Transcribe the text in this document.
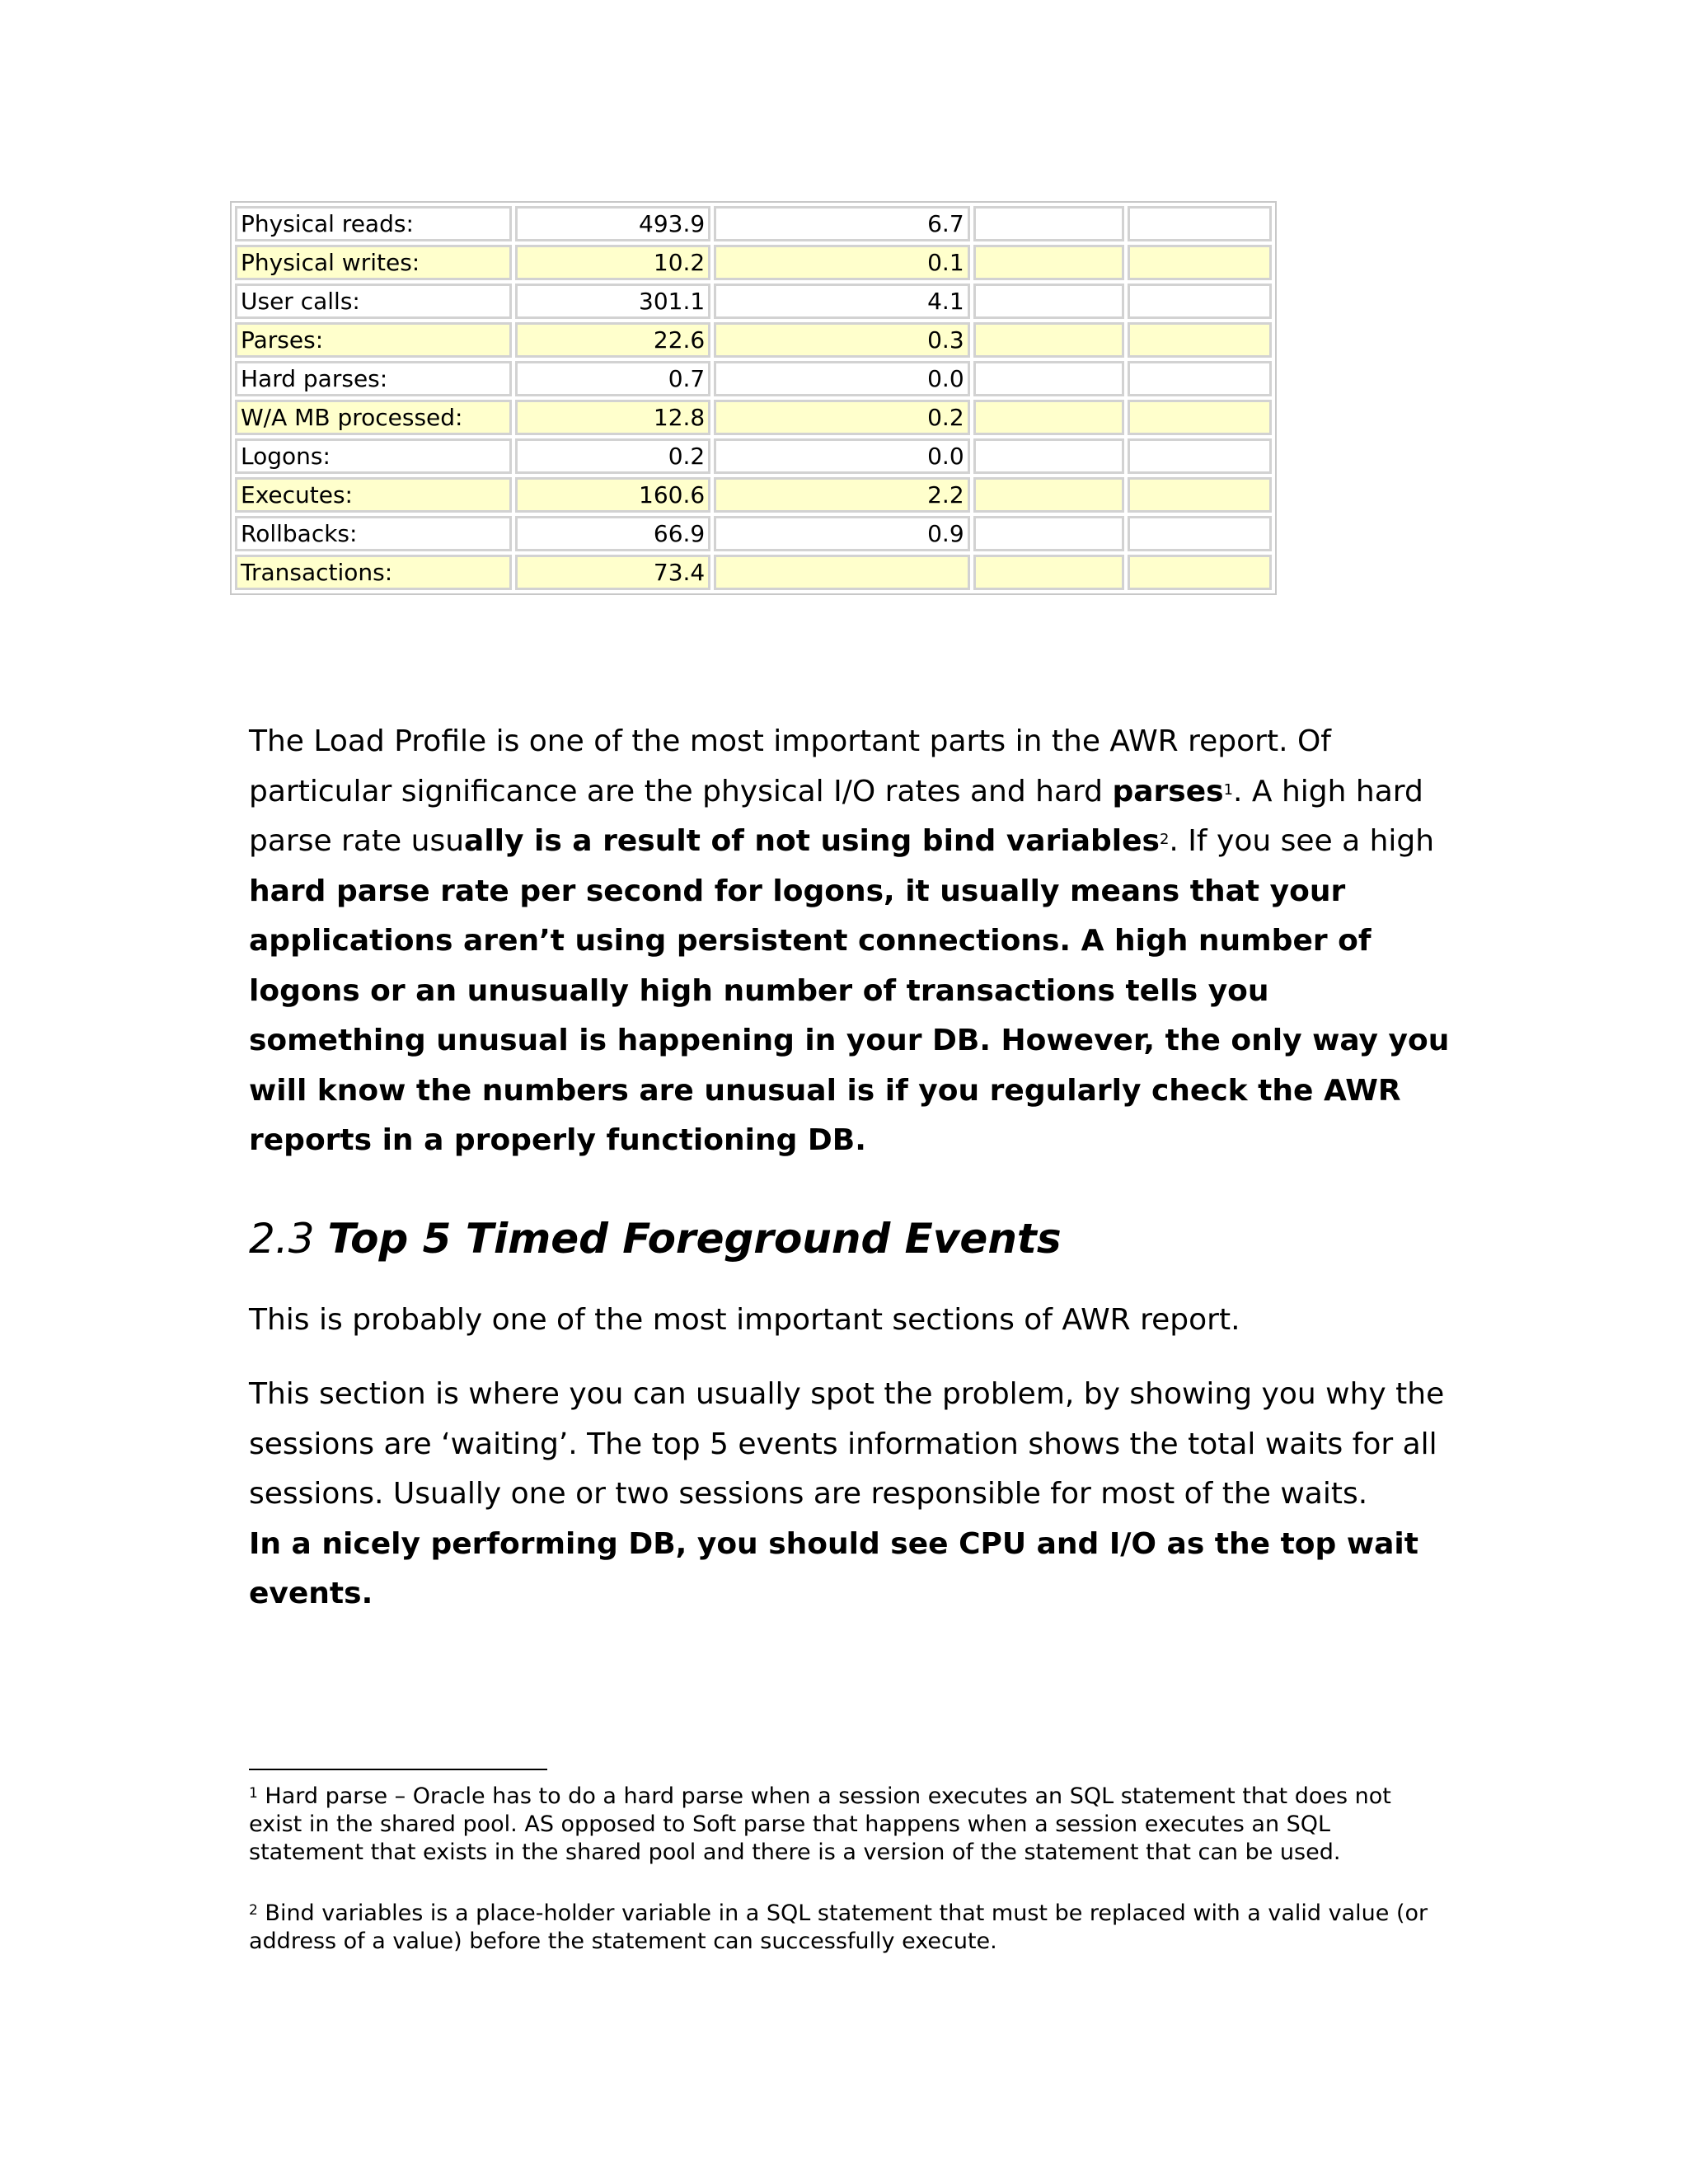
Physical reads:	493.9	6.7		
Physical writes:	10.2	0.1		
User calls:	301.1	4.1		
Parses:	22.6	0.3		
Hard parses:	0.7	0.0		
W/A MB processed:	12.8	0.2		
Logons:	0.2	0.0		
Executes:	160.6	2.2		
Rollbacks:	66.9	0.9		
Transactions:	73.4			

The Load Profile is one of the most important parts in the AWR report. Of particular significance are the physical I/O rates and hard parses$^1$. A high hard parse rate usually is a result of not using bind variables$^2$. If you see a high hard parse rate per second for logons, it usually means that your applications aren’t using persistent connections. A high number of logons or an unusually high number of transactions tells you something unusual is happening in your DB. However, the only way you will know the numbers are unusual is if you regularly check the AWR reports in a properly functioning DB.

2.3 Top 5 Timed Foreground Events

This is probably one of the most important sections of AWR report.

This section is where you can usually spot the problem, by showing you why the sessions are ‘waiting’. The top 5 events information shows the total waits for all sessions. Usually one or two sessions are responsible for most of the waits.
In a nicely performing DB, you should see CPU and I/O as the top wait events.

$^1$ Hard parse – Oracle has to do a hard parse when a session executes an SQL statement that does not exist in the shared pool. AS opposed to Soft parse that happens when a session executes an SQL statement that exists in the shared pool and there is a version of the statement that can be used.

$^2$ Bind variables is a place-holder variable in a SQL statement that must be replaced with a valid value (or address of a value) before the statement can successfully execute.
